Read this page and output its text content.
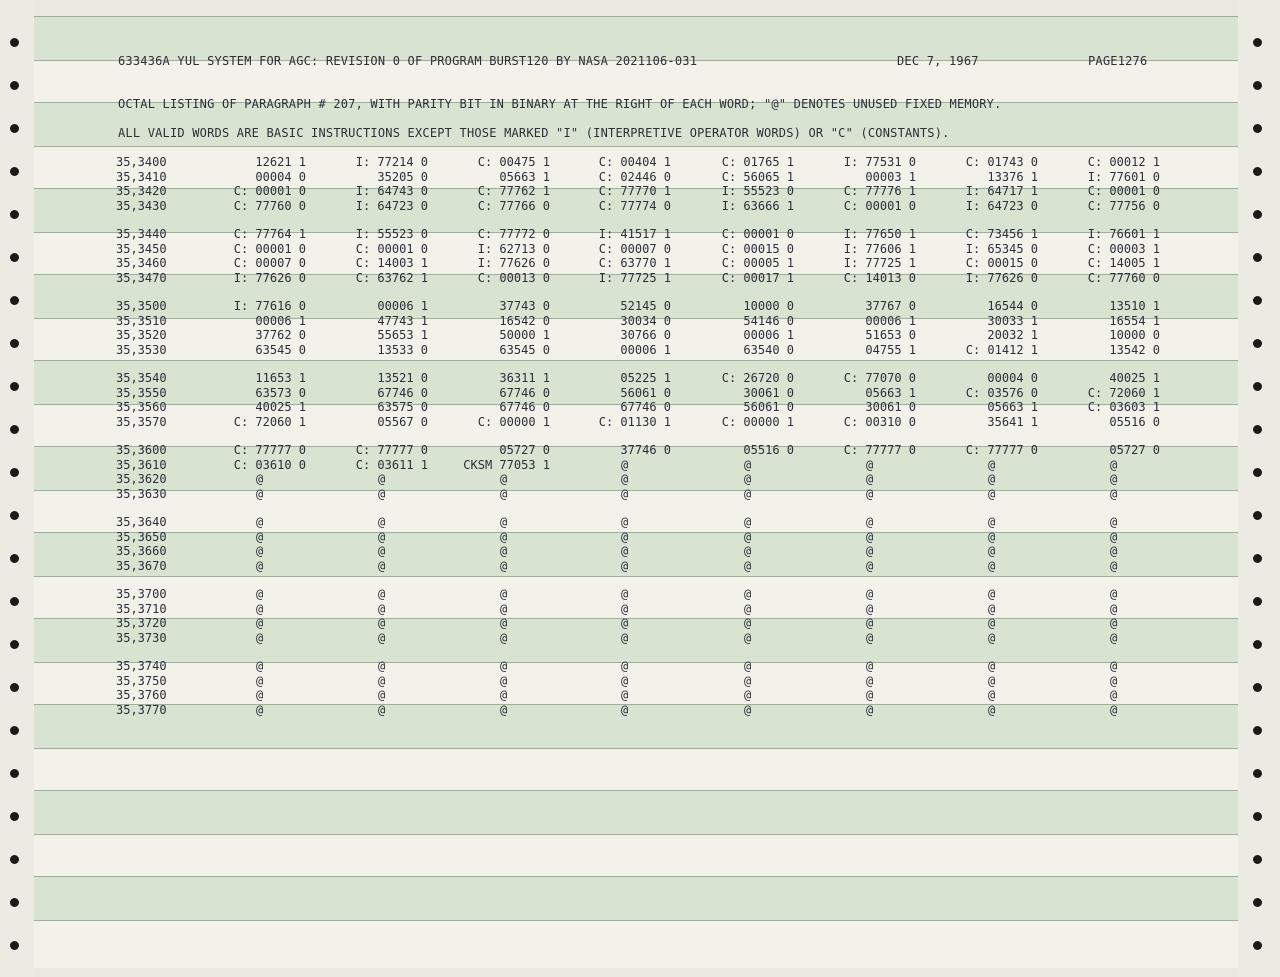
633436A YUL SYSTEM FOR AGC: REVISION 0 OF PROGRAM BURST120 BY NASA 2021106-031	DEC 7, 1967	PAGE1276
OCTAL LISTING OF PARAGRAPH # 207, WITH PARITY BIT IN BINARY AT THE RIGHT OF EACH WORD; "@" DENOTES UNUSED FIXED MEMORY.
ALL VALID WORDS ARE BASIC INSTRUCTIONS EXCEPT THOSE MARKED "I" (INTERPRETIVE OPERATOR WORDS) OR "C" (CONSTANTS).
35,3400	12621 1	I: 77214 0	C: 00475 1	C: 00404 1	C: 01765 1	I: 77531 0	C: 01743 0	C: 00012 1
35,3410	00004 0	35205 0	05663 1	C: 02446 0	C: 56065 1	00003 1	13376 1	I: 77601 0
35,3420	C: 00001 0	I: 64743 0	C: 77762 1	C: 77770 1	I: 55523 0	C: 77776 1	I: 64717 1	C: 00001 0
35,3430	C: 77760 0	I: 64723 0	C: 77766 0	C: 77774 0	I: 63666 1	C: 00001 0	I: 64723 0	C: 77756 0
35,3440	C: 77764 1	I: 55523 0	C: 77772 0	I: 41517 1	C: 00001 0	I: 77650 1	C: 73456 1	I: 76601 1
35,3450	C: 00001 0	C: 00001 0	I: 62713 0	C: 00007 0	C: 00015 0	I: 77606 1	I: 65345 0	C: 00003 1
35,3460	C: 00007 0	C: 14003 1	I: 77626 0	C: 63770 1	C: 00005 1	I: 77725 1	C: 00015 0	C: 14005 1
35,3470	I: 77626 0	C: 63762 1	C: 00013 0	I: 77725 1	C: 00017 1	C: 14013 0	I: 77626 0	C: 77760 0
35,3500	I: 77616 0	00006 1	37743 0	52145 0	10000 0	37767 0	16544 0	13510 1
35,3510	00006 1	47743 1	16542 0	30034 0	54146 0	00006 1	30033 1	16554 1
35,3520	37762 0	55653 1	50000 1	30766 0	00006 1	51653 0	20032 1	10000 0
35,3530	63545 0	13533 0	63545 0	00006 1	63540 0	04755 1	C: 01412 1	13542 0
35,3540	11653 1	13521 0	36311 1	05225 1	C: 26720 0	C: 77070 0	00004 0	40025 1
35,3550	63573 0	67746 0	67746 0	56061 0	30061 0	05663 1	C: 03576 0	C: 72060 1
35,3560	40025 1	63575 0	67746 0	67746 0	56061 0	30061 0	05663 1	C: 03603 1
35,3570	C: 72060 1	05567 0	C: 00000 1	C: 01130 1	C: 00000 1	C: 00310 0	35641 1	05516 0
35,3600	C: 77777 0	C: 77777 0	05727 0	37746 0	05516 0	C: 77777 0	C: 77777 0	05727 0
35,3610	C: 03610 0	C: 03611 1	CKSM 77053 1	@	@	@	@	@
35,3620	@	@	@	@	@	@	@	@
35,3630	@	@	@	@	@	@	@	@
35,3640	@	@	@	@	@	@	@	@
35,3650	@	@	@	@	@	@	@	@
35,3660	@	@	@	@	@	@	@	@
35,3670	@	@	@	@	@	@	@	@
35,3700	@	@	@	@	@	@	@	@
35,3710	@	@	@	@	@	@	@	@
35,3720	@	@	@	@	@	@	@	@
35,3730	@	@	@	@	@	@	@	@
35,3740	@	@	@	@	@	@	@	@
35,3750	@	@	@	@	@	@	@	@
35,3760	@	@	@	@	@	@	@	@
35,3770	@	@	@	@	@	@	@	@
